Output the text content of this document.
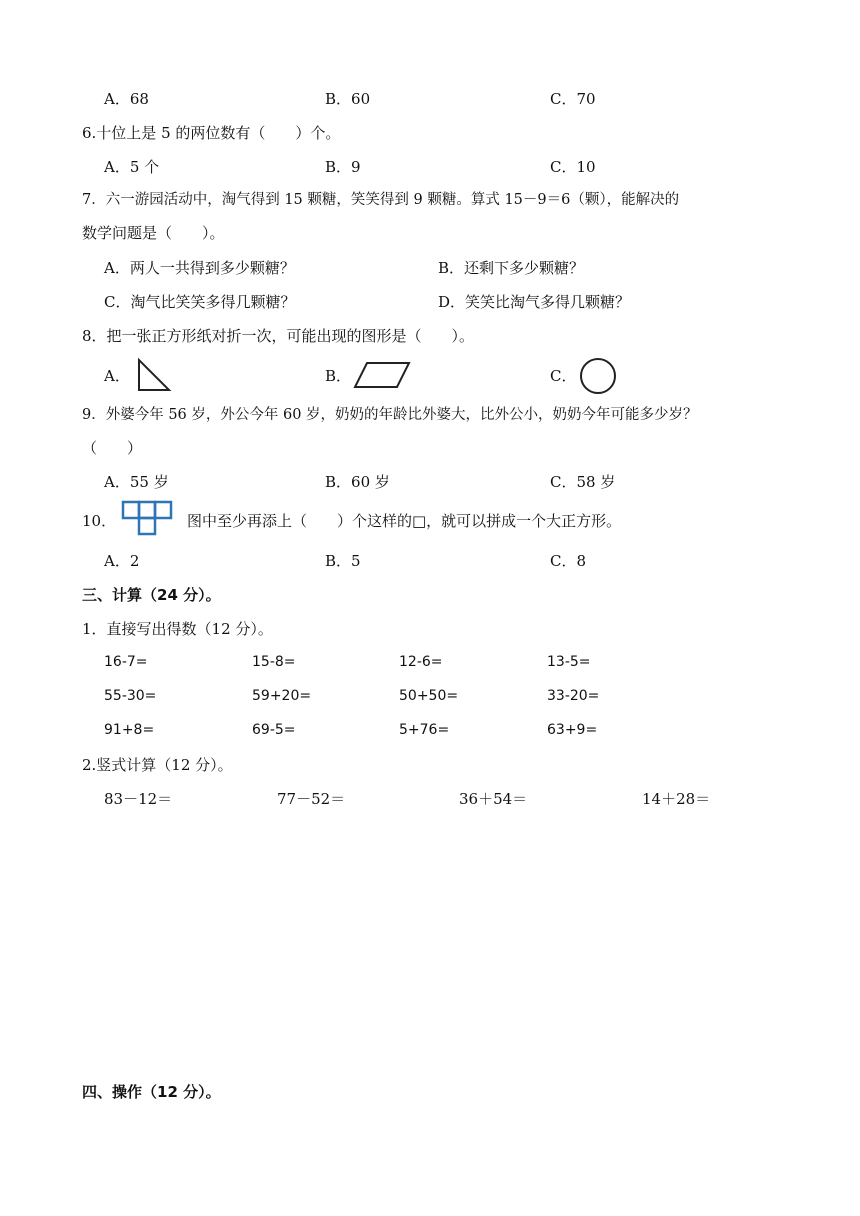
A．68	B．60	C．70
6.十位上是 5 的两位数有（　　）个。
A．5 个	B．9	C．10
7．六一游园活动中，淘气得到 15 颗糖，笑笑得到 9 颗糖。算式 15－9＝6（颗），能解决的
数学问题是（　　）。
A．两人一共得到多少颗糖？	B．还剩下多少颗糖？
C．淘气比笑笑多得几颗糖？	D．笑笑比淘气多得几颗糖？
8．把一张正方形纸对折一次，可能出现的图形是（　　）。
A．	B．	C．
9．外婆今年 56 岁，外公今年 60 岁，奶奶的年龄比外婆大，比外公小，奶奶今年可能多少岁？
（　　）
A．55 岁	B．60 岁	C．58 岁
10．	图中至少再添上（　　）个这样的□，就可以拼成一个大正方形。
A．2	B．5	C．8
三、计算（24 分）。
1．直接写出得数（12 分）。
16-7=	15-8=	12-6=	13-5=
55-30=	59+20=	50+50=	33-20=
91+8=	69-5=	5+76=	63+9=
2.竖式计算（12 分）。
83－12＝	77－52＝	36＋54＝	14＋28＝
四、操作（12 分）。
